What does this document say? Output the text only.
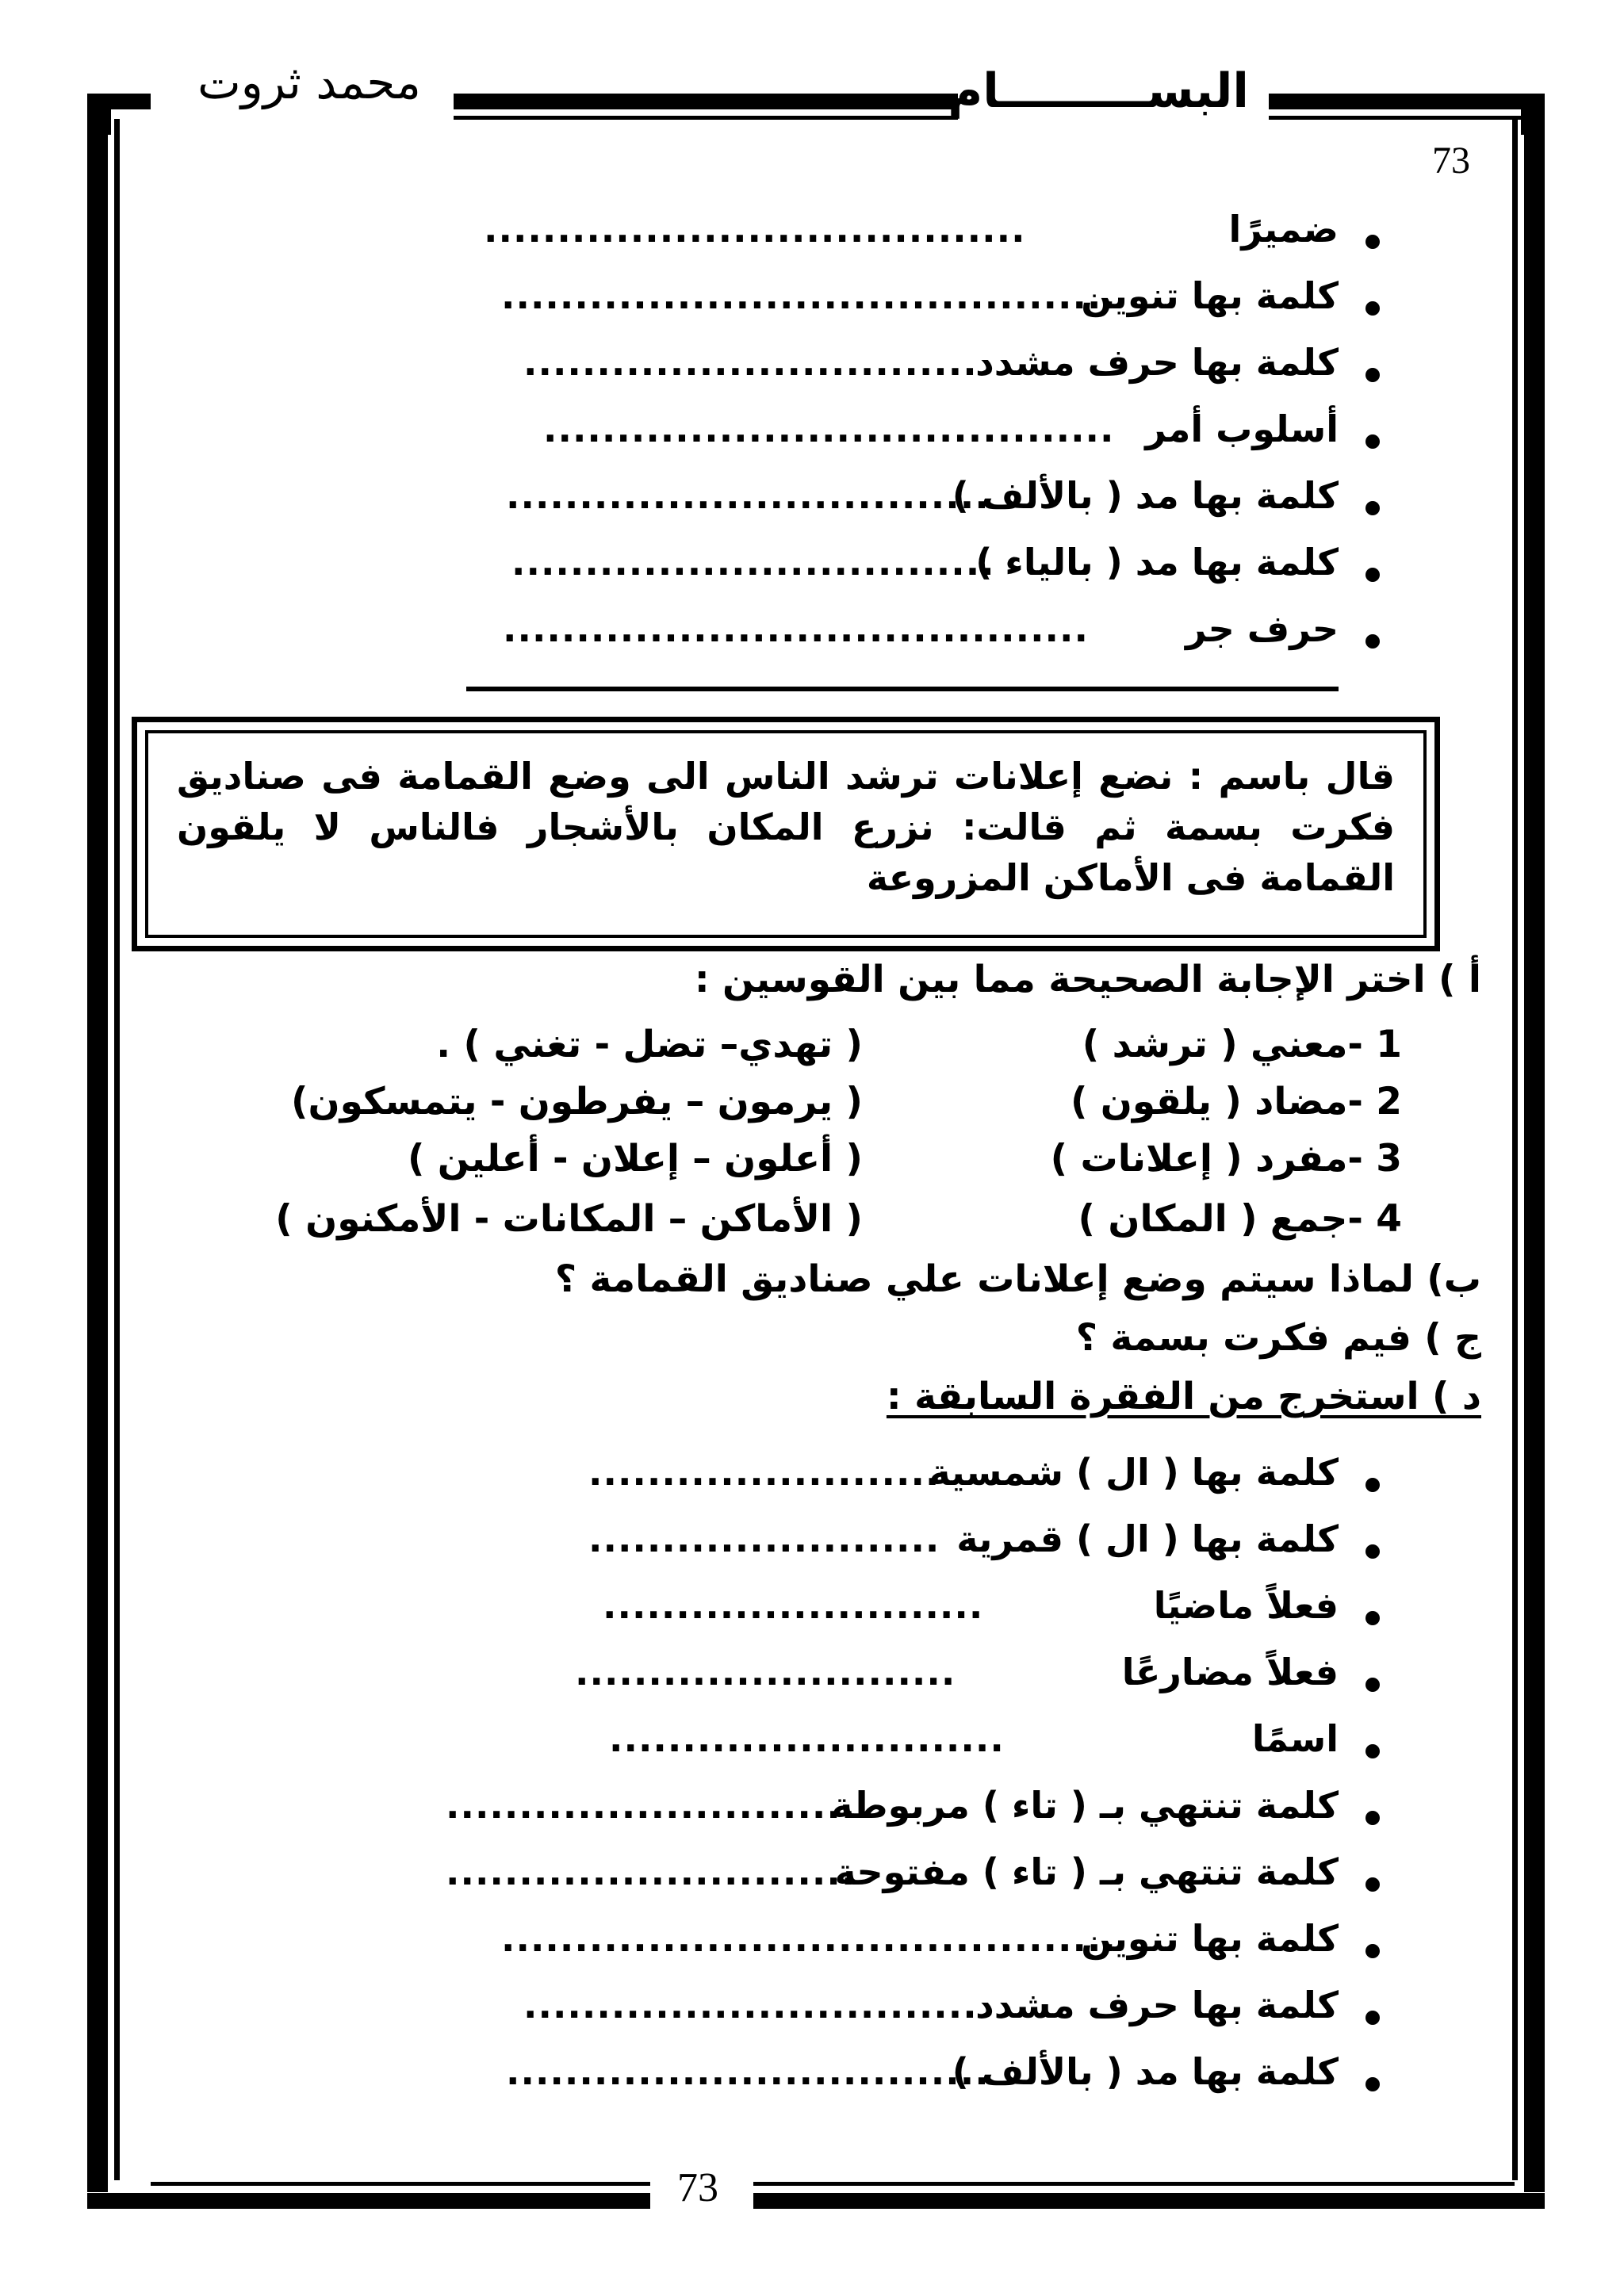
البســـــــــام
محمد ثروت
73
ضميرًا
.....................................
كلمة بها تنوين
..........................................
كلمة بها حرف مشدد
...............................
أسلوب أمر
.......................................
كلمة بها مد ( بالألف )
.................................
كلمة بها مد ( بالياء )
.................................
حرف جر
........................................
قال باسم : نضع إعلانات ترشد الناس الى وضع القمامة فى صناديق فكرت بسمة ثم قالت: نزرع المكان بالأشجار فالناس لا يلقون القمامة فى الأماكن المزروعة
أ ) اختر الإجابة الصحيحة مما بين القوسين :
1 -معني ( ترشد )
( تهدي– تضل - تغني ) .
2 -مضاد ( يلقون )
( يرمون – يفرطون - يتمسكون)
3 -مفرد ( إعلانات )
( أعلون – إعلان - أعلين )
4 -جمع ( المكان )
( الأماكن – المكانات - الأمكنون )
ب) لماذا سيتم وضع إعلانات علي صناديق القمامة ؟
ج ) فيم فكرت بسمة ؟
د ) استخرج من الفقرة السابقة :
كلمة بها ( ال ) شمسية
........................
كلمة بها ( ال ) قمرية
........................
فعلاً ماضيًا
..........................
فعلاً مضارعًا
..........................
اسمًا
...........................
كلمة تنتهي بـ ( تاء ) مربوطة
............................
كلمة تنتهي بـ ( تاء ) مفتوحة
............................
كلمة بها تنوين
..........................................
كلمة بها حرف مشدد
...............................
كلمة بها مد ( بالألف )
.................................
73
